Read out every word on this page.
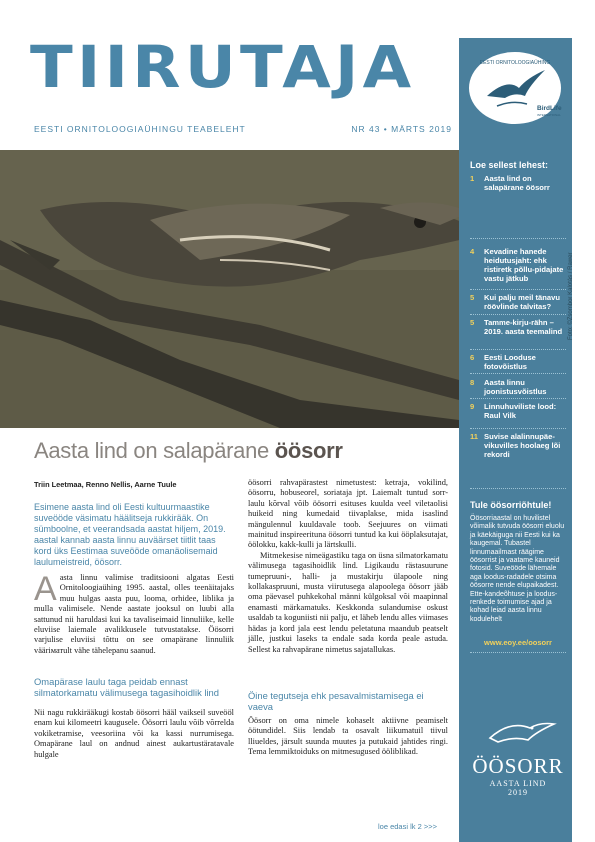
TIIRUTAJA
EESTI ORNITOLOOGIAÜHINGU TEABELEHT	NR 43 • MÄRTS 2019
EESTI ORNITOLOOGIAÜHING
BirdLife
INTERNATIONAL
Foto: ©Zsombor Kalotás / Rawer
Loe sellest lehest:
1 Aasta lind on salapärane öösorr
4 Kevadine hanede heidutusjaht: ehk ristiretk põllu-pidajate vastu jätkub
5 Kui palju meil tänavu röövlinde talvitas?
5 Tamme-kirju-rähn – 2019. aasta teemalind
6 Eesti Looduse fotovõistlus
8 Aasta linnu joonistusvõistlus
9 Linnuhuviliste lood: Raul Vilk
11 Suvise alalinnupäe-vikuvilles hoolaeg lõi rekordi
Tule öösorriõhtule!
Öösorriaastal on huvilistel võimalik tutvuda öösorri eluolu ja käekäiguga nii Eesti kui ka kaugemal. Tubastel linnumaailmast räägime öösorrist ja vaatame kauneid fotosid. Suveööde lähemale aga loodus-radadele otsima öösorre nende elupaikadest. Ette-kandeõhtuse ja loodus-renkede toimumise ajad ja kohad leiad aasta linnu kodulehelt
www.eoy.ee/oosorr
ÖÖSORR
AASTA LIND
2019
Aasta lind on salapärane öösorr
Triin Leetmaa, Renno Nellis, Aarne Tuule
Esimene aasta lind oli Eesti kultuurmaastike suveööde väsimatu häälitseja rukkirääk. On sümboolne, et veerandsada aastat hiljem, 2019. aastal kannab aasta linnu auväärset tiitlit taas kord üks Eestimaa suveööde omanäolisemaid laulumeistreid, öösorr.
Aasta linnu valimise traditsiooni algatas Eesti Ornitoloogiaühing 1995. aastal, olles teenäitajaks muu hulgas aasta puu, looma, orhidee, liblika ja mulla valimisele. Nende aastate jooksul on luubi alla sattunud nii haruldasi kui ka tavaliseimaid linnuliike, kelle eluviise laiemale avalikkusele tutvustatakse. Öösorri varjulise eluviisi tõttu on see omapärane linnuliik vääriматult vähe tähelepanu saanud.
Omapärase laulu taga peidab ennast silmatorkamatu välimusega tagasihoidlik lind
Nii nagu rukkirääkugi kostab öösorri hääl vaikseil suveööl enam kui kilomeetri kaugusele. Öösorri laulu võib võrrelda vokiketramise, veesoriina või ka kassi nurrumisega. Omapärane laul on andnud ainest aukartustäratavale hulgale
öösorri rahvapärastest nimetustest: ketraja, vokilind, öösorru, hobuseorel, soriataja jpt. Laiemalt tuntud sorr-laulu kõrval võib öösorri esituses kuulda veel viletaolisi huikeid ning kumedaid tiivaplakse, mida isaslind mängulennul kuuldavale toob. Seejuures on viimati mainitud inspireerituna öösorri tuntud ka kui ööplaksutajat, öölokku, kakk-kulli ja lärtskulli.
Mitmekesise nimeägastiku taga on üsna silmatorkamatu välimusega tagasihoidlik lind. Ligikaudu rästasuurune tumepruuni-, halli- ja mustakirju ülapoole ning kollakaspruuni, musta viirutusega alapoolega öösorr jääb oma päevasel puhkekohal männi külgoksal või maapinnal enamasti märkamatuks. Keskkonda sulandumise oskust usaldab ta koguniisti nii palju, et läheb lendu alles viimases hädas ja kord jala eest lendu peletatuna maandub peatselt jälle, justkui laseks ta endale sada korda peale astuda. Sellest ka rahvapärane nimetus sajatallukas.
Öine tegutseja ehk pesavalmistamisega ei vaeva
Öösorr on oma nimele kohaselt aktiivne peamiselt öötundidel. Siis lendab ta osavalt liikumatuil tiivul lliueldes, järsult suunda muutes ja putukaid jahtides ringi. Tema lemmiktoiduks on mitmesugused ööliblikad.
loe edasi lk 2 >>>
